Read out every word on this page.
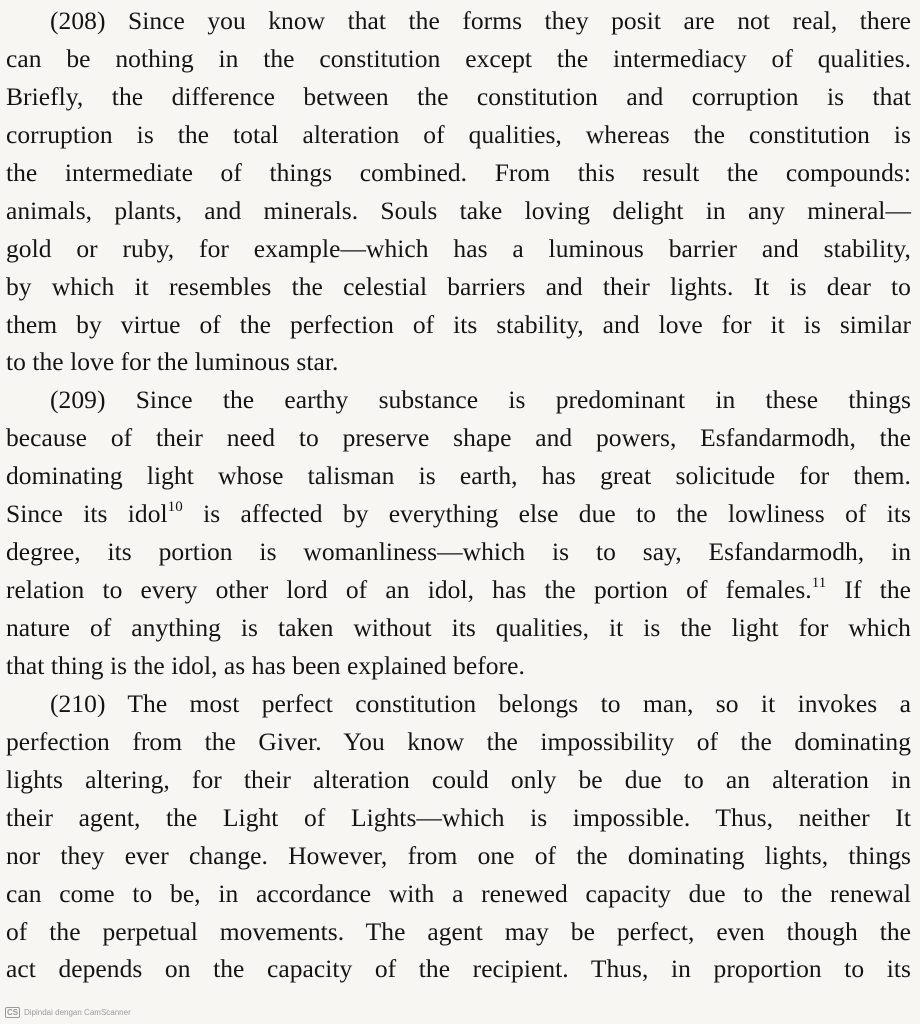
(208) Since you know that the forms they posit are not real, there
can be nothing in the constitution except the intermediacy of qualities.
Briefly, the difference between the constitution and corruption is that
corruption is the total alteration of qualities, whereas the constitution is
the intermediate of things combined. From this result the compounds:
animals, plants, and minerals. Souls take loving delight in any mineral—
gold or ruby, for example—which has a luminous barrier and stability,
by which it resembles the celestial barriers and their lights. It is dear to
them by virtue of the perfection of its stability, and love for it is similar
to the love for the luminous star.
(209) Since the earthy substance is predominant in these things
because of their need to preserve shape and powers, Esfandarmodh, the
dominating light whose talisman is earth, has great solicitude for them.
Since its idol$^{10}$ is affected by everything else due to the lowliness of its
degree, its portion is womanliness—which is to say, Esfandarmodh, in
relation to every other lord of an idol, has the portion of females.$^{11}$ If the
nature of anything is taken without its qualities, it is the light for which
that thing is the idol, as has been explained before.
(210) The most perfect constitution belongs to man, so it invokes a
perfection from the Giver. You know the impossibility of the dominating
lights altering, for their alteration could only be due to an alteration in
their agent, the Light of Lights—which is impossible. Thus, neither It
nor they ever change. However, from one of the dominating lights, things
can come to be, in accordance with a renewed capacity due to the renewal
of the perpetual movements. The agent may be perfect, even though the
act depends on the capacity of the recipient. Thus, in proportion to its
CS Dipindai dengan CamScanner
